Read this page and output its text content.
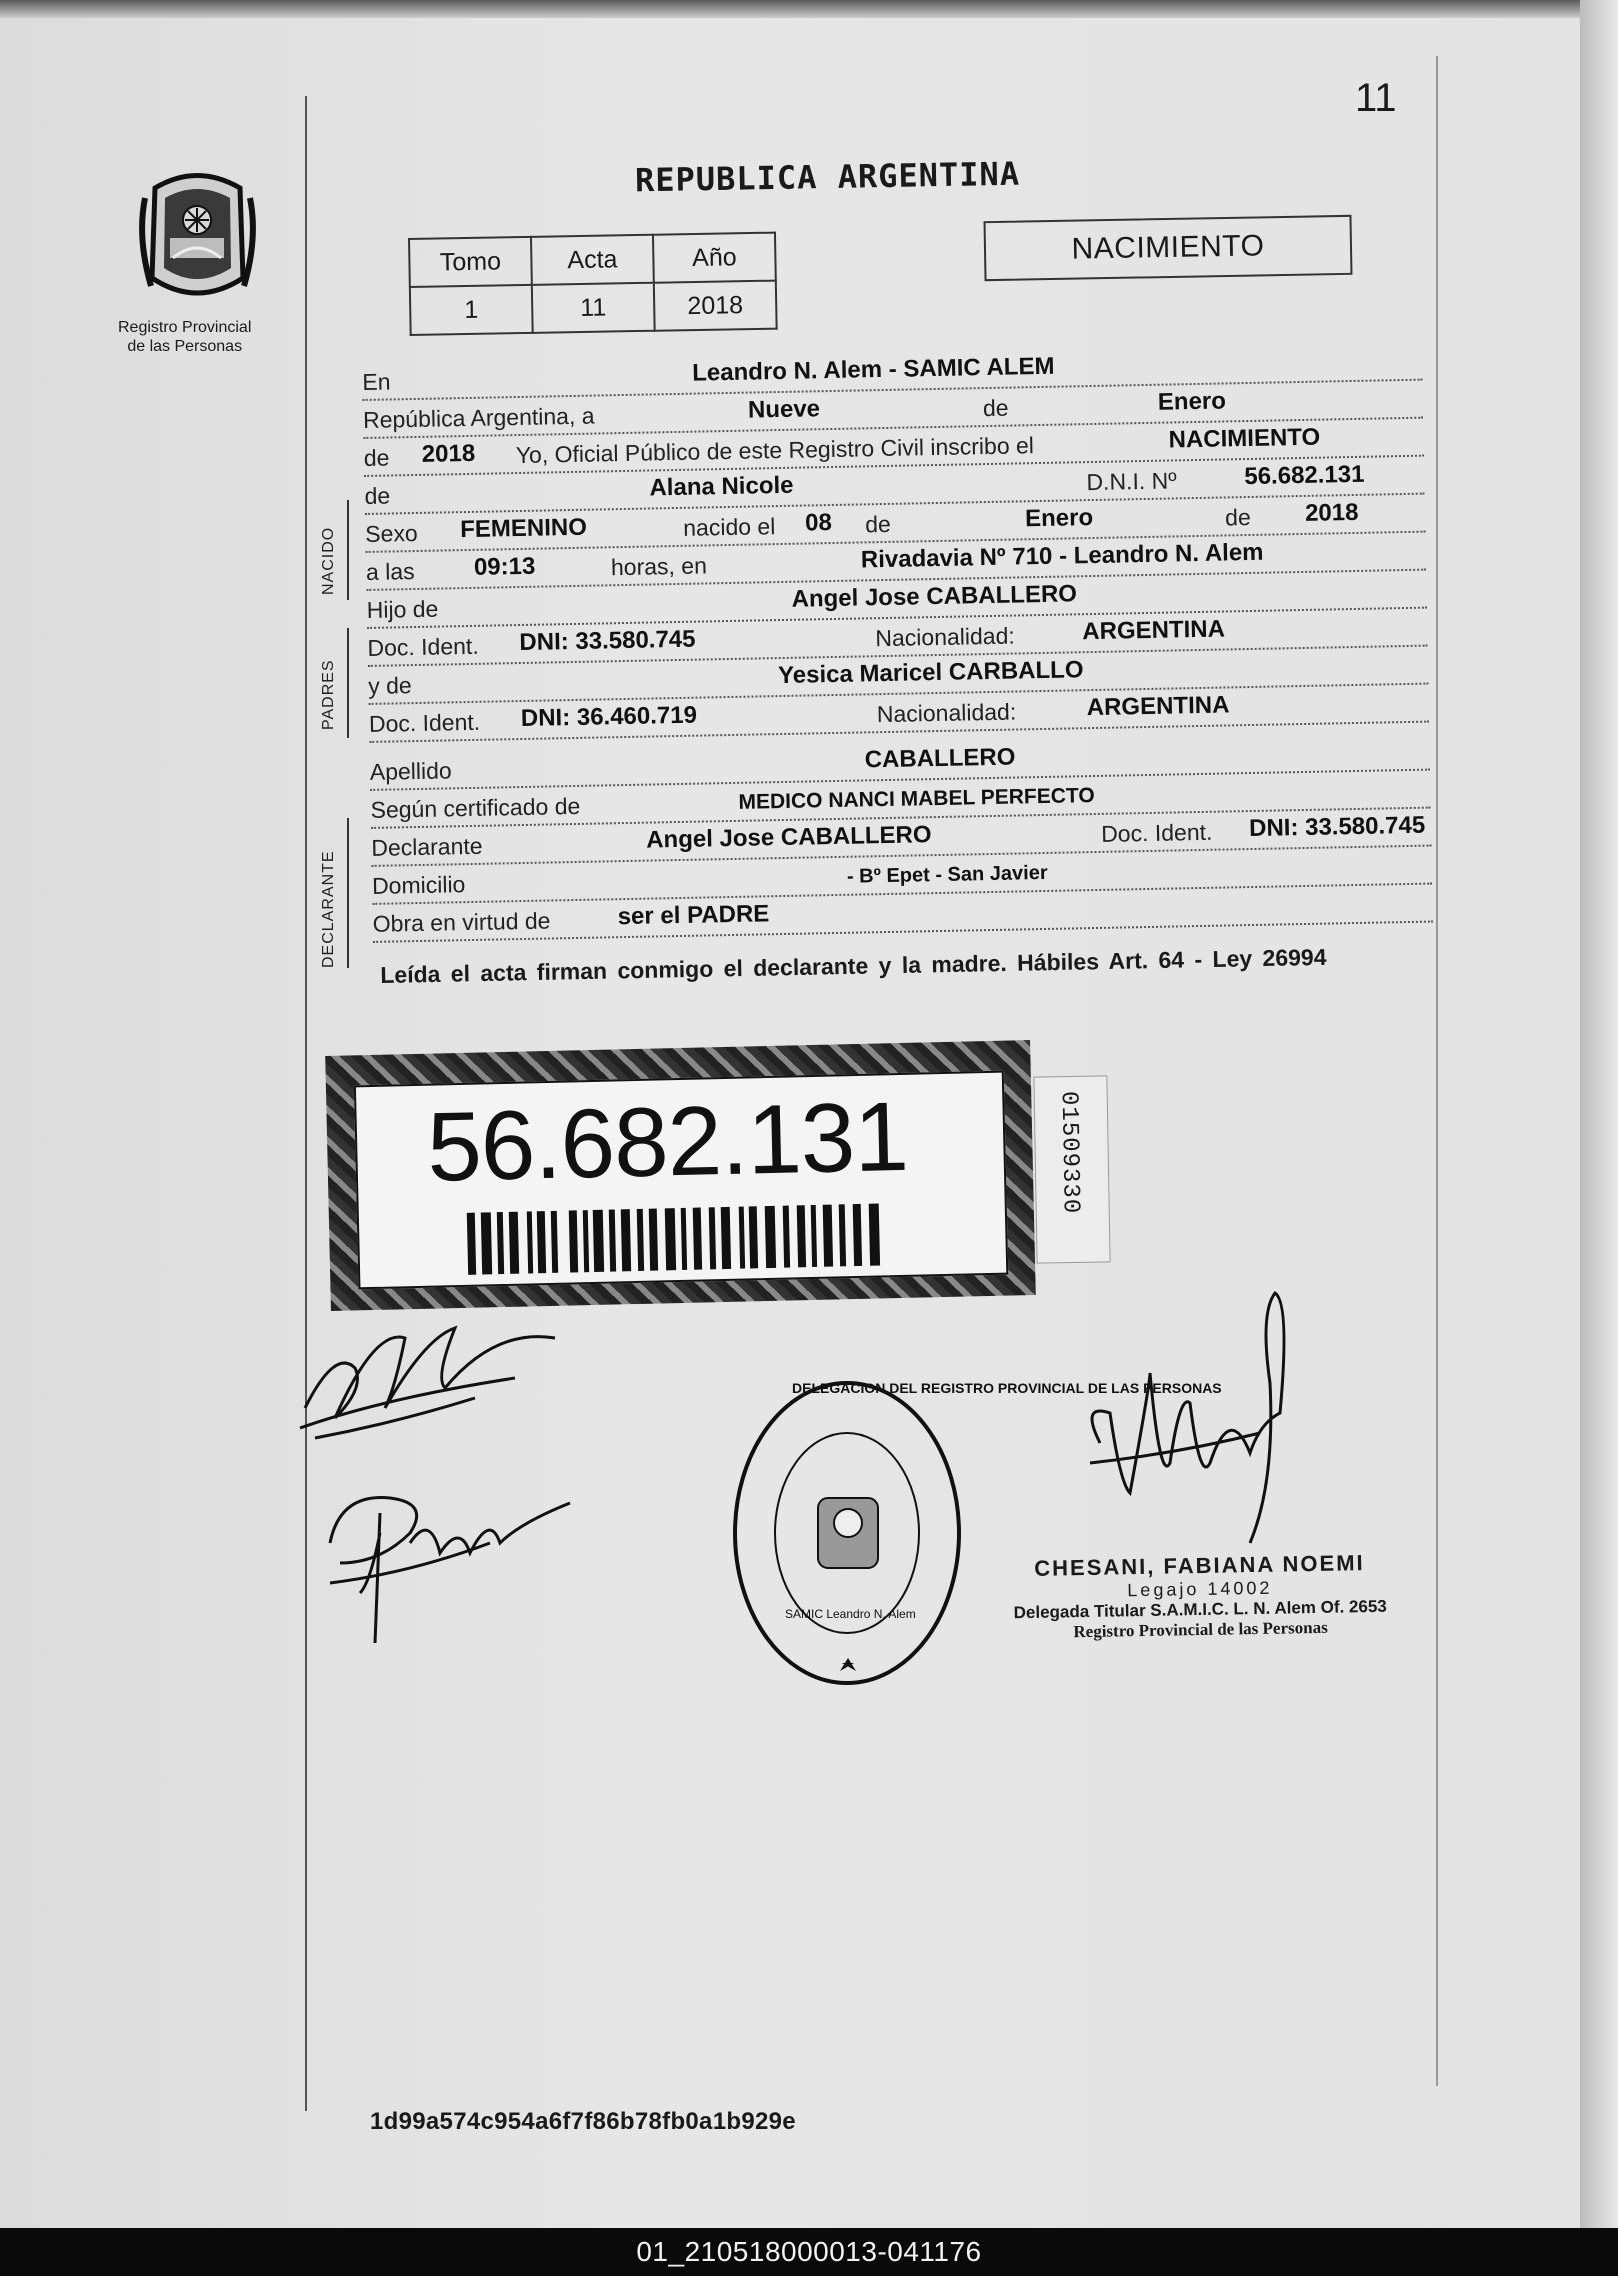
11
REPUBLICA ARGENTINA
Registro Provincial
de las Personas
Tomo	Acta	Año
1	11	2018
NACIMIENTO
NACIDO
PADRES
DECLARANTE
En	Leandro N. Alem - SAMIC ALEM
República Argentina, a	Nueve	de	Enero
de 2018 Yo, Oficial Público de este Registro Civil inscribo el	NACIMIENTO
de	Alana Nicole	D.N.I. Nº	56.682.131
Sexo FEMENINO	nacido el 08 de	Enero	de 2018
a las 09:13	horas, en	Rivadavia Nº 710 - Leandro N. Alem
Hijo de	Angel Jose CABALLERO
Doc. Ident. DNI: 33.580.745	Nacionalidad:	ARGENTINA
y de	Yesica Maricel CARBALLO
Doc. Ident. DNI: 36.460.719	Nacionalidad:	ARGENTINA
Apellido	CABALLERO
Según certificado de	MEDICO NANCI MABEL PERFECTO
Declarante	Angel Jose CABALLERO	Doc. Ident. DNI: 33.580.745
Domicilio	- Bº Epet - San Javier
Obra en virtud de	ser el PADRE
Leída el acta firman conmigo el declarante y la madre. Hábiles Art. 64 - Ley 26994
56.682.131	01509330
DELEGACION DEL REGISTRO PROVINCIAL DE LAS PERSONAS
SAMIC Leandro N. Alem
CHESANI, FABIANA NOEMI
Legajo 14002
Delegada Titular S.A.M.I.C. L. N. Alem Of. 2653
Registro Provincial de las Personas
1d99a574c954a6f7f86b78fb0a1b929e
01_210518000013-041176
